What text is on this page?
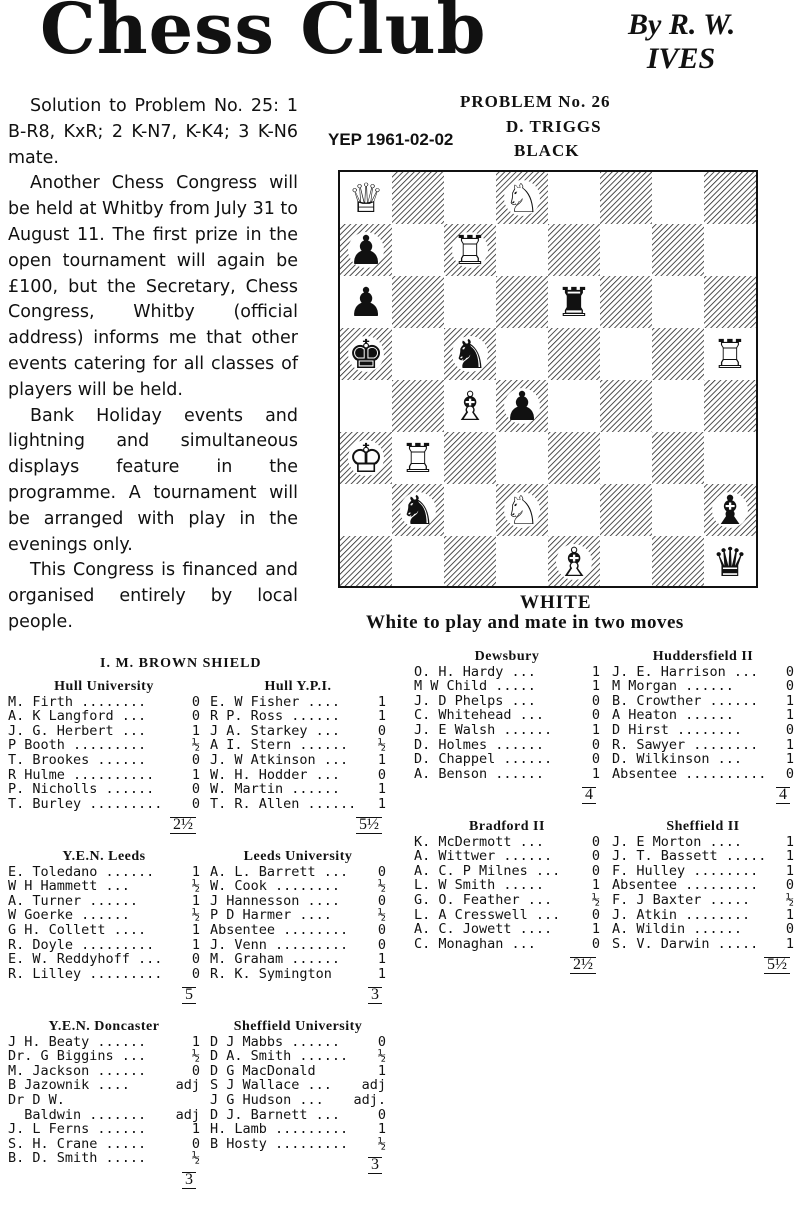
Chess Club	By R. W.
IVES

Solution to Problem No. 25: 1 B-R8, KxR; 2 K-N7, K-K4; 3 K-N6 mate.

Another Chess Congress will be held at Whitby from July 31 to August 11. The first prize in the open tournament will again be £100, but the Secretary, Chess Congress, Whitby (official address) informs me that other events catering for all classes of players will be held.

Bank Holiday events and lightning and simultaneous displays feature in the programme. A tournament will be arranged with play in the evenings only.

This Congress is financed and organised entirely by local people.

PROBLEM No. 26
D. TRIGGS
YEP 1961-02-02
BLACK
♕	♘
♟ ♖
♟	♜
♚ ♞	♖
♗ ♟
♔ ♖
♞ ♘	♝
♗	♛
WHITE
White to play and mate in two moves
I. M. BROWN SHIELD
Hull University
M. Firth ........	0
A. K Langford ...	0
J. G. Herbert ...	1
P Booth .........	½
T. Brookes ......	0
R Hulme ..........	1
P. Nicholls ......	0
T. Burley .........	0
2½
Hull Y.P.I.
E. W Fisher ....	1
R P. Ross ......	1
J A. Starkey ...	0
A I. Stern ......	½
J. W Atkinson ...	1
W. H. Hodder ...	0
W. Martin ......	1
T. R. Allen ......	1
5½
Y.E.N. Leeds
E. Toledano ......	1
W H Hammett ...	½
A. Turner ......	1
W Goerke ......	½
G H. Collett ....	1
R. Doyle .........	1
E. W. Reddyhoff ...	0
R. Lilley .........	0
5
Leeds University
A. L. Barrett ...	0
W. Cook ........	½
J Hannesson ....	0
P D Harmer ....	½
Absentee ........	0
J. Venn .........	0
M. Graham ......	1
R. K. Symington	1
3
Y.E.N. Doncaster
J H. Beaty ......	1
Dr. G Biggins ...	½
M. Jackson ......	0
B Jazownik ....	adj
Dr D W.
Baldwin ....... adj
J. L Ferns ......	1
S. H. Crane .....	0
B. D. Smith .....	½
3
Sheffield University
D J Mabbs ......	0
D A. Smith ......	½
D G MacDonald	1
S J Wallace ... adj
J G Hudson ... adj.
D J. Barnett ...	0
H. Lamb .........	1
B Hosty .........	½
3
Dewsbury
O. H. Hardy ...	1
M W Child .....	1
J. D Phelps ...	0
C. Whitehead ...	0
J. E Walsh ......	1
D. Holmes ......	0
D. Chappel ......	0
A. Benson ......	1
4
Huddersfield II
J. E. Harrison ...	0
M Morgan ......	0
B. Crowther ......	1
A Heaton ......	1
D Hirst ........	0
R. Sawyer ........	1
D. Wilkinson ...	1
Absentee ..........	0
4
Bradford II
K. McDermott ...	0
A. Wittwer ......	0
A. C. P Milnes ...	0
L. W Smith .....	1
G. O. Feather ...	½
L. A Cresswell ...	0
A. C. Jowett ....	1
C. Monaghan ...	0
2½
Sheffield II
J. E Morton ....	1
J. T. Bassett .....	1
F. Hulley ........	1
Absentee .........	0
F. J Baxter .....	½
J. Atkin ........	1
A. Wildin ......	0
S. V. Darwin .....	1
5½
